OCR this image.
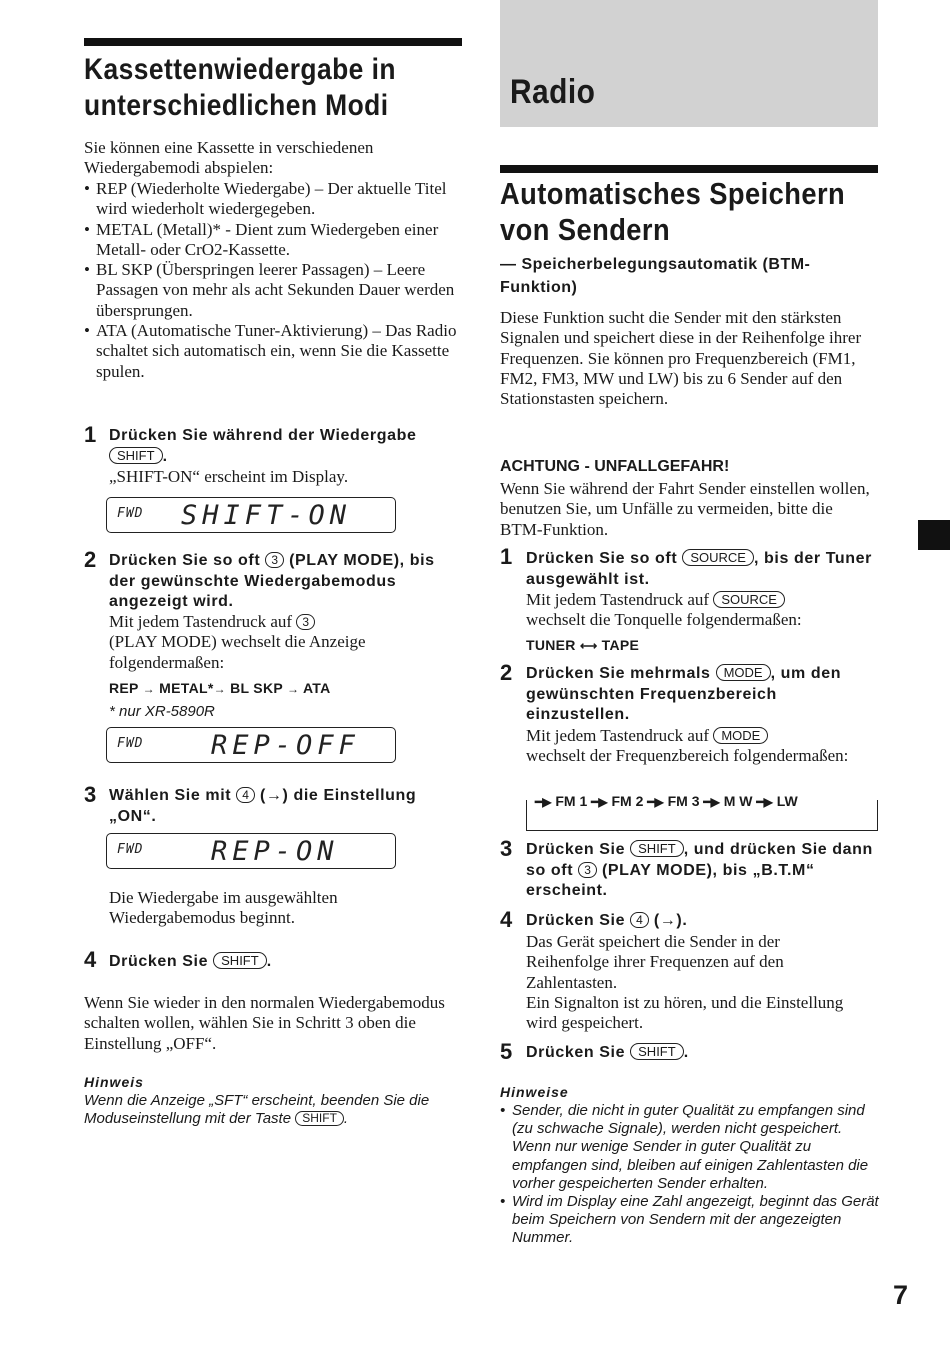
Kassettenwiedergabe in
unterschiedlichen Modi

Sie können eine Kassette in verschiedenen Wiedergabemodi abspielen:

• REP (Wiederholte Wiedergabe) – Der aktuelle Titel wird wiederholt wiedergegeben.
• METAL (Metall)* - Dient zum Wiedergeben einer Metall- oder CrO2-Kassette.
• BL SKP (Überspringen leerer Passagen) – Leere Passagen von mehr als acht Sekunden Dauer werden übersprungen.
• ATA (Automatische Tuner-Aktivierung) – Das Radio schaltet sich automatisch ein, wenn Sie die Kassette spulen.
1 Drücken Sie während der Wiedergabe
SHIFT .

„SHIFT-ON“ erscheint im Display.

FWD SHIFT-ON
2 Drücken Sie so oft 3 (PLAY MODE), bis der gewünschte Wiedergabemodus angezeigt wird.

Mit jedem Tastendruck auf 3
(PLAY MODE) wechselt die Anzeige folgendermaßen:

REP → METAL*→ BL SKP → ATA
* nur XR-5890R
FWD	REP-OFF
3 Wählen Sie mit 4 (→) die Einstellung „ON“.
FWD	REP-ON

Die Wiedergabe im ausgewählten Wiedergabemodus beginnt.

4 Drücken Sie SHIFT .

Wenn Sie wieder in den normalen Wiedergabemodus schalten wollen, wählen Sie in Schritt 3 oben die Einstellung „OFF“.

Hinweis

Wenn die Anzeige „SFT“ erscheint, beenden Sie die Moduseinstellung mit der Taste SHIFT .

Radio
Automatisches Speichern
von Sendern
— Speicherbelegungsautomatik (BTM-Funktion)

Diese Funktion sucht die Sender mit den stärksten Signalen und speichert diese in der Reihenfolge ihrer Frequenzen. Sie können pro Frequenzbereich (FM1, FM2, FM3, MW und LW) bis zu 6 Sender auf den Stationstasten speichern.

ACHTUNG - UNFALLGEFAHR!

Wenn Sie während der Fahrt Sender einstellen wollen, benutzen Sie, um Unfälle zu vermeiden, bitte die BTM-Funktion.

1 Drücken Sie so oft SOURCE , bis der Tuner ausgewählt ist.

Mit jedem Tastendruck auf SOURCE
wechselt die Tonquelle folgendermaßen:

TUNER ⟷ TAPE
2 Drücken Sie mehrmals MODE , um den gewünschten Frequenzbereich einzustellen.

Mit jedem Tastendruck auf MODE
wechselt der Frequenzbereich folgendermaßen:

━▶ FM 1 ━▶ FM 2 ━▶ FM 3 ━▶ M W ━▶ LW
3 Drücken Sie SHIFT , und drücken Sie dann so oft 3 (PLAY MODE), bis „B.T.M“ erscheint.
4 Drücken Sie 4 (→).

Das Gerät speichert die Sender in der Reihenfolge ihrer Frequenzen auf den Zahlentasten.
Ein Signalton ist zu hören, und die Einstellung wird gespeichert.

5 Drücken Sie SHIFT .
Hinweise
• Sender, die nicht in guter Qualität zu empfangen sind (zu schwache Signale), werden nicht gespeichert. Wenn nur wenige Sender in guter Qualität zu empfangen sind, bleiben auf einigen Zahlentasten die vorher gespeicherten Sender erhalten.
• Wird im Display eine Zahl angezeigt, beginnt das Gerät beim Speichern von Sendern mit der angezeigten Nummer.
7
